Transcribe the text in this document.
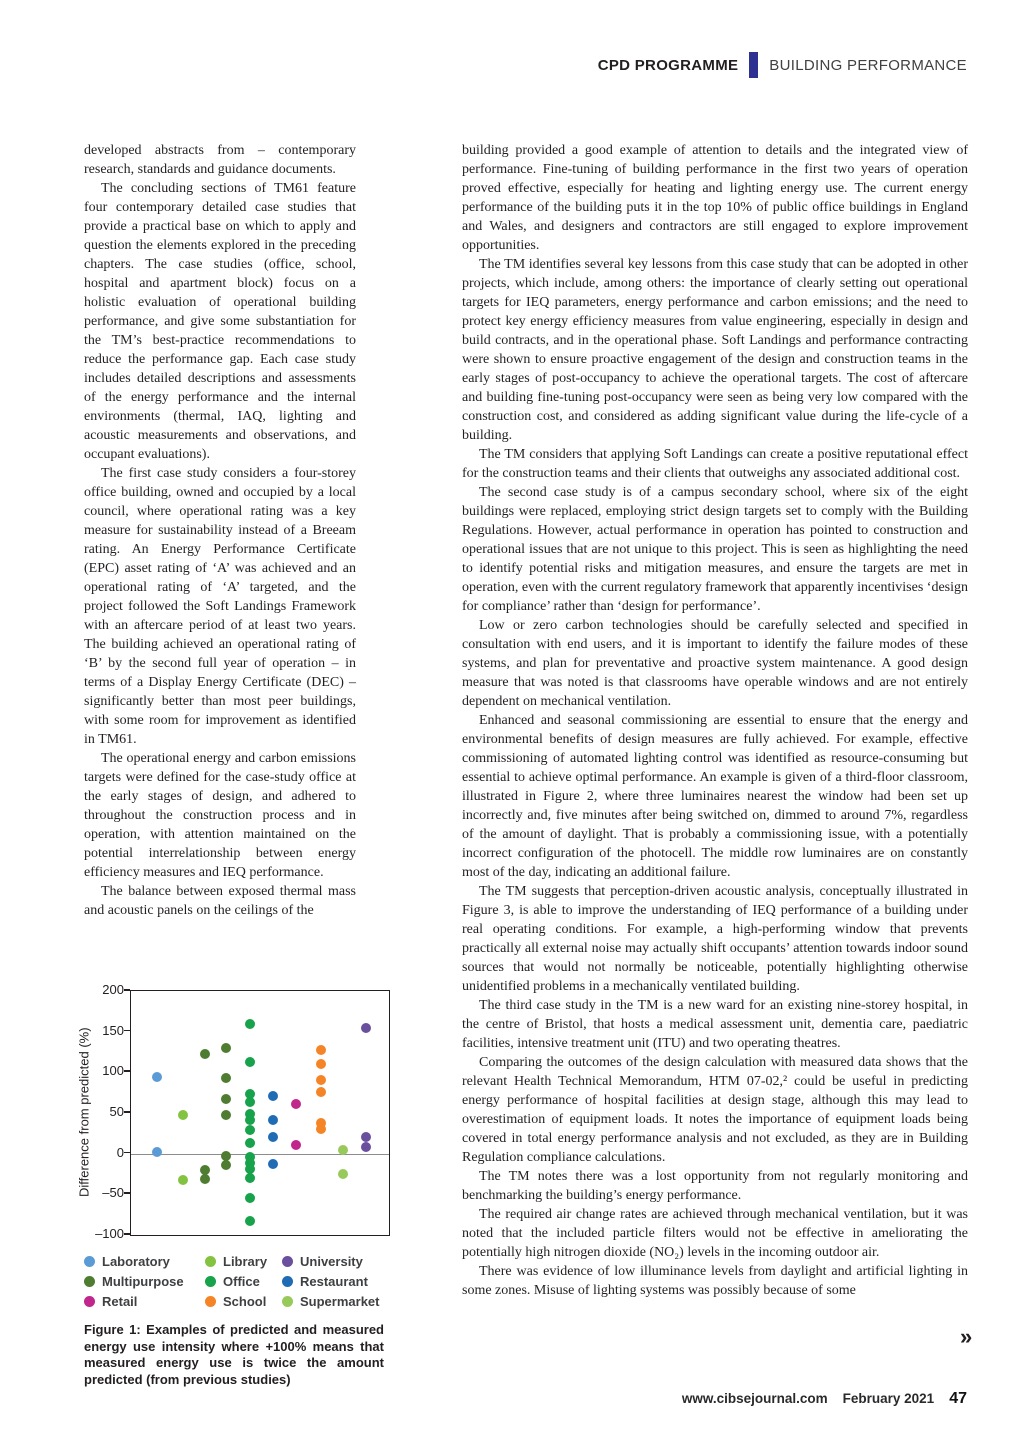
CPD PROGRAMME BUILDING PERFORMANCE

developed abstracts from – contemporary research, standards and guidance documents.

The concluding sections of TM61 feature four contemporary detailed case studies that provide a practical base on which to apply and question the elements explored in the preceding chapters. The case studies (office, school, hospital and apartment block) focus on a holistic evaluation of operational building performance, and give some substantiation for the TM’s best-practice recommendations to reduce the performance gap. Each case study includes detailed descriptions and assessments of the energy performance and the internal environments (thermal, IAQ, lighting and acoustic measurements and observations, and occupant evaluations).

The first case study considers a four-storey office building, owned and occupied by a local council, where operational rating was a key measure for sustainability instead of a Breeam rating. An Energy Performance Certificate (EPC) asset rating of ‘A’ was achieved and an operational rating of ‘A’ targeted, and the project followed the Soft Landings Framework with an aftercare period of at least two years. The building achieved an operational rating of ‘B’ by the second full year of operation – in terms of a Display Energy Certificate (DEC) – significantly better than most peer buildings, with some room for improvement as identified in TM61.

The operational energy and carbon emissions targets were defined for the case-study office at the early stages of design, and adhered to throughout the construction process and in operation, with attention maintained on the potential interrelationship between energy efficiency measures and IEQ performance.

The balance between exposed thermal mass and acoustic panels on the ceilings of the

building provided a good example of attention to details and the integrated view of performance. Fine-tuning of building performance in the first two years of operation proved effective, especially for heating and lighting energy use. The current energy performance of the building puts it in the top 10% of public office buildings in England and Wales, and designers and contractors are still engaged to explore improvement opportunities.

The TM identifies several key lessons from this case study that can be adopted in other projects, which include, among others: the importance of clearly setting out operational targets for IEQ parameters, energy performance and carbon emissions; and the need to protect key energy efficiency measures from value engineering, especially in design and build contracts, and in the operational phase. Soft Landings and performance contracting were shown to ensure proactive engagement of the design and construction teams in the early stages of post-occupancy to achieve the operational targets. The cost of aftercare and building fine-tuning post-occupancy were seen as being very low compared with the construction cost, and considered as adding significant value during the life-cycle of a building.

The TM considers that applying Soft Landings can create a positive reputational effect for the construction teams and their clients that outweighs any associated additional cost.

The second case study is of a campus secondary school, where six of the eight buildings were replaced, employing strict design targets set to comply with the Building Regulations. However, actual performance in operation has pointed to construction and operational issues that are not unique to this project. This is seen as highlighting the need to identify potential risks and mitigation measures, and ensure the targets are met in operation, even with the current regulatory framework that apparently incentivises ‘design for compliance’ rather than ‘design for performance’.

Low or zero carbon technologies should be carefully selected and specified in consultation with end users, and it is important to identify the failure modes of these systems, and plan for preventative and proactive system maintenance. A good design measure that was noted is that classrooms have operable windows and are not entirely dependent on mechanical ventilation.

Enhanced and seasonal commissioning are essential to ensure that the energy and environmental benefits of design measures are fully achieved. For example, effective commissioning of automated lighting control was identified as resource-consuming but essential to achieve optimal performance. An example is given of a third-floor classroom, illustrated in Figure 2, where three luminaires nearest the window had been set up incorrectly and, five minutes after being switched on, dimmed to around 7%, regardless of the amount of daylight. That is probably a commissioning issue, with a potentially incorrect configuration of the photocell. The middle row luminaires are on constantly most of the day, indicating an additional failure.

The TM suggests that perception-driven acoustic analysis, conceptually illustrated in Figure 3, is able to improve the understanding of IEQ performance of a building under real operating conditions. For example, a high-performing window that prevents practically all external noise may actually shift occupants’ attention towards indoor sound sources that would not normally be noticeable, potentially highlighting otherwise unidentified problems in a mechanically ventilated building.

The third case study in the TM is a new ward for an existing nine-storey hospital, in the centre of Bristol, that hosts a medical assessment unit, dementia care, paediatric facilities, intensive treatment unit (ITU) and two operating theatres.

Comparing the outcomes of the design calculation with measured data shows that the relevant Health Technical Memorandum, HTM 07-02,² could be useful in predicting energy performance of hospital facilities at design stage, although this may lead to overestimation of equipment loads. It notes the importance of equipment loads being covered in total energy performance analysis and not excluded, as they are in Building Regulation compliance calculations.

The TM notes there was a lost opportunity from not regularly monitoring and benchmarking the building’s energy performance.

The required air change rates are achieved through mechanical ventilation, but it was noted that the included particle filters would not be effective in ameliorating the potentially high nitrogen dioxide (NO₂) levels in the incoming outdoor air.

There was evidence of low illuminance levels from daylight and artificial lighting in some zones. Misuse of lighting systems was possibly because of some

Difference from predicted (%)
200
150
100
50
0
–50
–100
Laboratory
Multipurpose
Retail
Library
Office
School
University
Restaurant
Supermarket
Figure 1: Examples of predicted and measured energy use intensity where +100% means that measured energy use is twice the amount predicted (from previous studies)
»
www.cibsejournal.com February 2021 47
